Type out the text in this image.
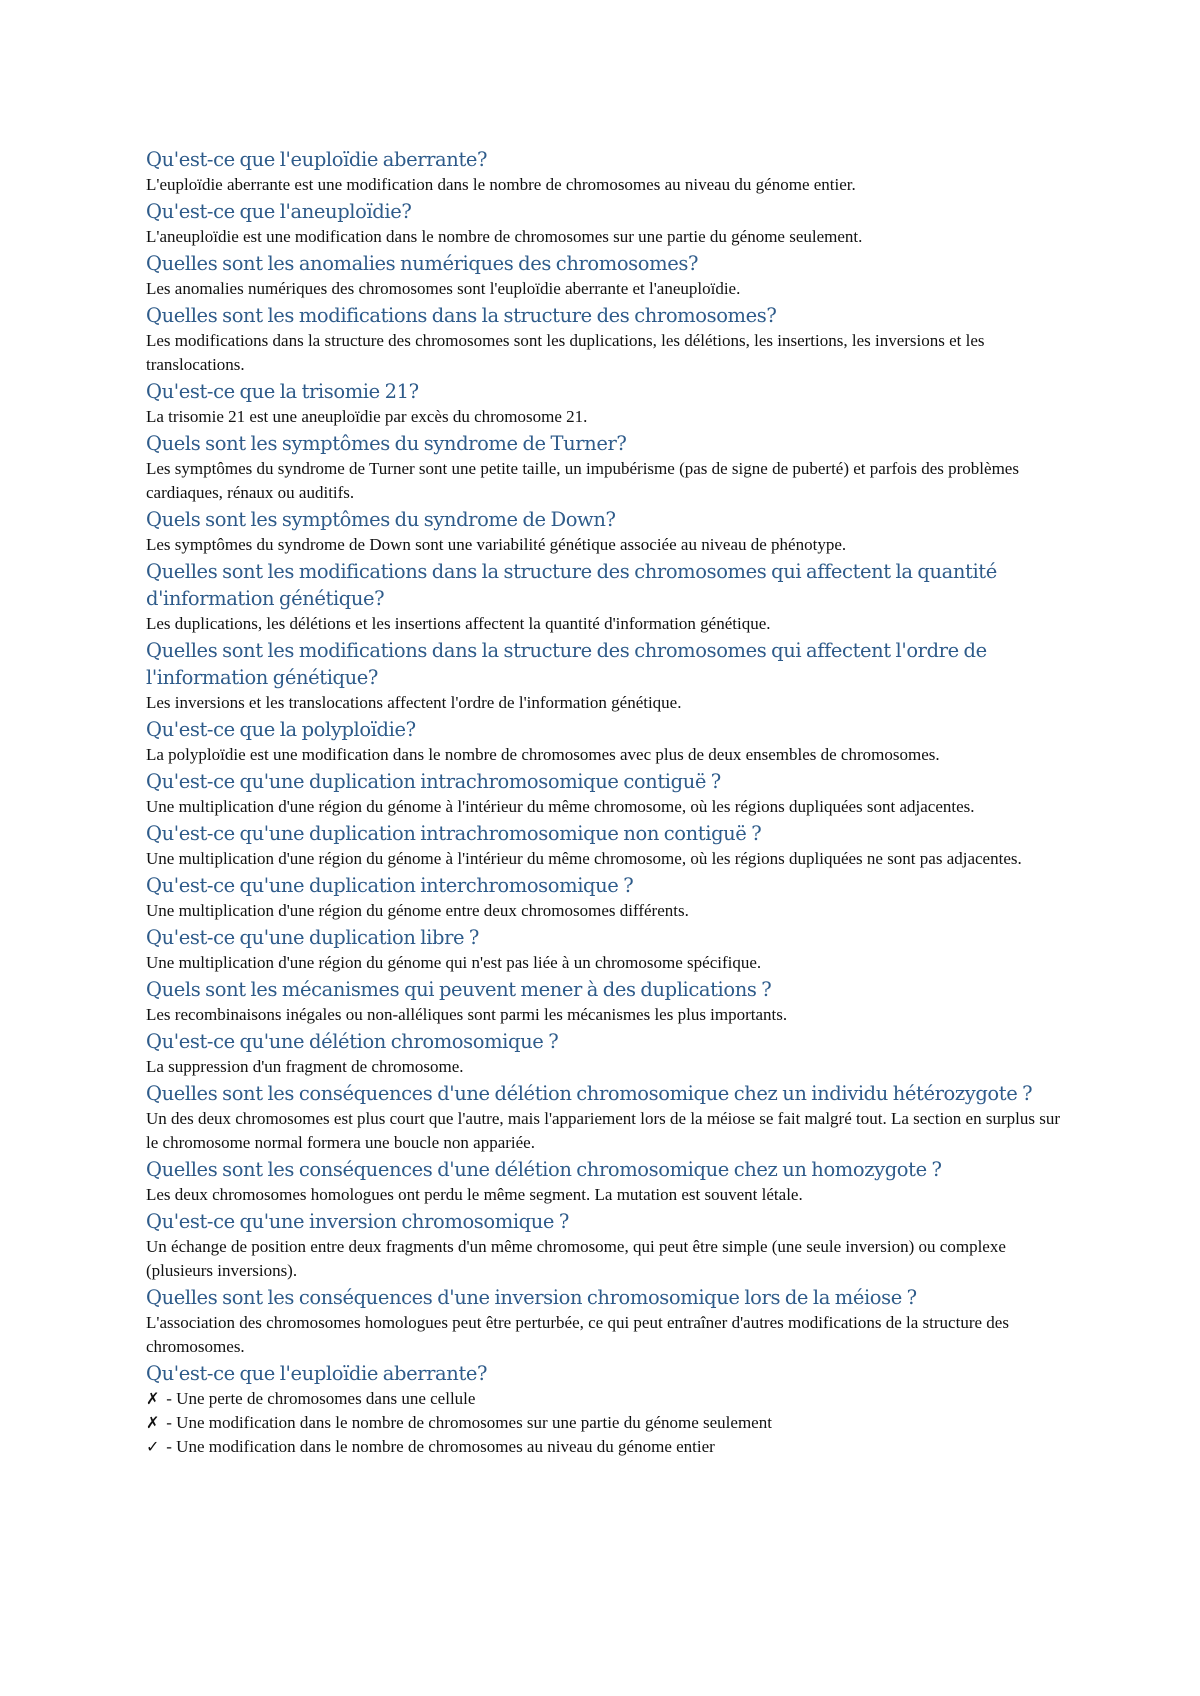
Qu'est-ce que l'euploïdie aberrante?

L'euploïdie aberrante est une modification dans le nombre de chromosomes au niveau du génome entier.

Qu'est-ce que l'aneuploïdie?

L'aneuploïdie est une modification dans le nombre de chromosomes sur une partie du génome seulement.

Quelles sont les anomalies numériques des chromosomes?

Les anomalies numériques des chromosomes sont l'euploïdie aberrante et l'aneuploïdie.

Quelles sont les modifications dans la structure des chromosomes?

Les modifications dans la structure des chromosomes sont les duplications, les délétions, les insertions, les inversions et les translocations.

Qu'est-ce que la trisomie 21?

La trisomie 21 est une aneuploïdie par excès du chromosome 21.

Quels sont les symptômes du syndrome de Turner?

Les symptômes du syndrome de Turner sont une petite taille, un impubérisme (pas de signe de puberté) et parfois des problèmes cardiaques, rénaux ou auditifs.

Quels sont les symptômes du syndrome de Down?

Les symptômes du syndrome de Down sont une variabilité génétique associée au niveau de phénotype.

Quelles sont les modifications dans la structure des chromosomes qui affectent la quantité d'information génétique?

Les duplications, les délétions et les insertions affectent la quantité d'information génétique.

Quelles sont les modifications dans la structure des chromosomes qui affectent l'ordre de l'information génétique?

Les inversions et les translocations affectent l'ordre de l'information génétique.

Qu'est-ce que la polyploïdie?

La polyploïdie est une modification dans le nombre de chromosomes avec plus de deux ensembles de chromosomes.

Qu'est-ce qu'une duplication intrachromosomique contiguë ?

Une multiplication d'une région du génome à l'intérieur du même chromosome, où les régions dupliquées sont adjacentes.

Qu'est-ce qu'une duplication intrachromosomique non contiguë ?

Une multiplication d'une région du génome à l'intérieur du même chromosome, où les régions dupliquées ne sont pas adjacentes.

Qu'est-ce qu'une duplication interchromosomique ?

Une multiplication d'une région du génome entre deux chromosomes différents.

Qu'est-ce qu'une duplication libre ?

Une multiplication d'une région du génome qui n'est pas liée à un chromosome spécifique.

Quels sont les mécanismes qui peuvent mener à des duplications ?

Les recombinaisons inégales ou non-alléliques sont parmi les mécanismes les plus importants.

Qu'est-ce qu'une délétion chromosomique ?

La suppression d'un fragment de chromosome.

Quelles sont les conséquences d'une délétion chromosomique chez un individu hétérozygote ?

Un des deux chromosomes est plus court que l'autre, mais l'appariement lors de la méiose se fait malgré tout. La section en surplus sur le chromosome normal formera une boucle non appariée.

Quelles sont les conséquences d'une délétion chromosomique chez un homozygote ?

Les deux chromosomes homologues ont perdu le même segment. La mutation est souvent létale.

Qu'est-ce qu'une inversion chromosomique ?

Un échange de position entre deux fragments d'un même chromosome, qui peut être simple (une seule inversion) ou complexe (plusieurs inversions).

Quelles sont les conséquences d'une inversion chromosomique lors de la méiose ?

L'association des chromosomes homologues peut être perturbée, ce qui peut entraîner d'autres modifications de la structure des chromosomes.

Qu'est-ce que l'euploïdie aberrante?

✗ - Une perte de chromosomes dans une cellule

✗ - Une modification dans le nombre de chromosomes sur une partie du génome seulement

✓ - Une modification dans le nombre de chromosomes au niveau du génome entier
